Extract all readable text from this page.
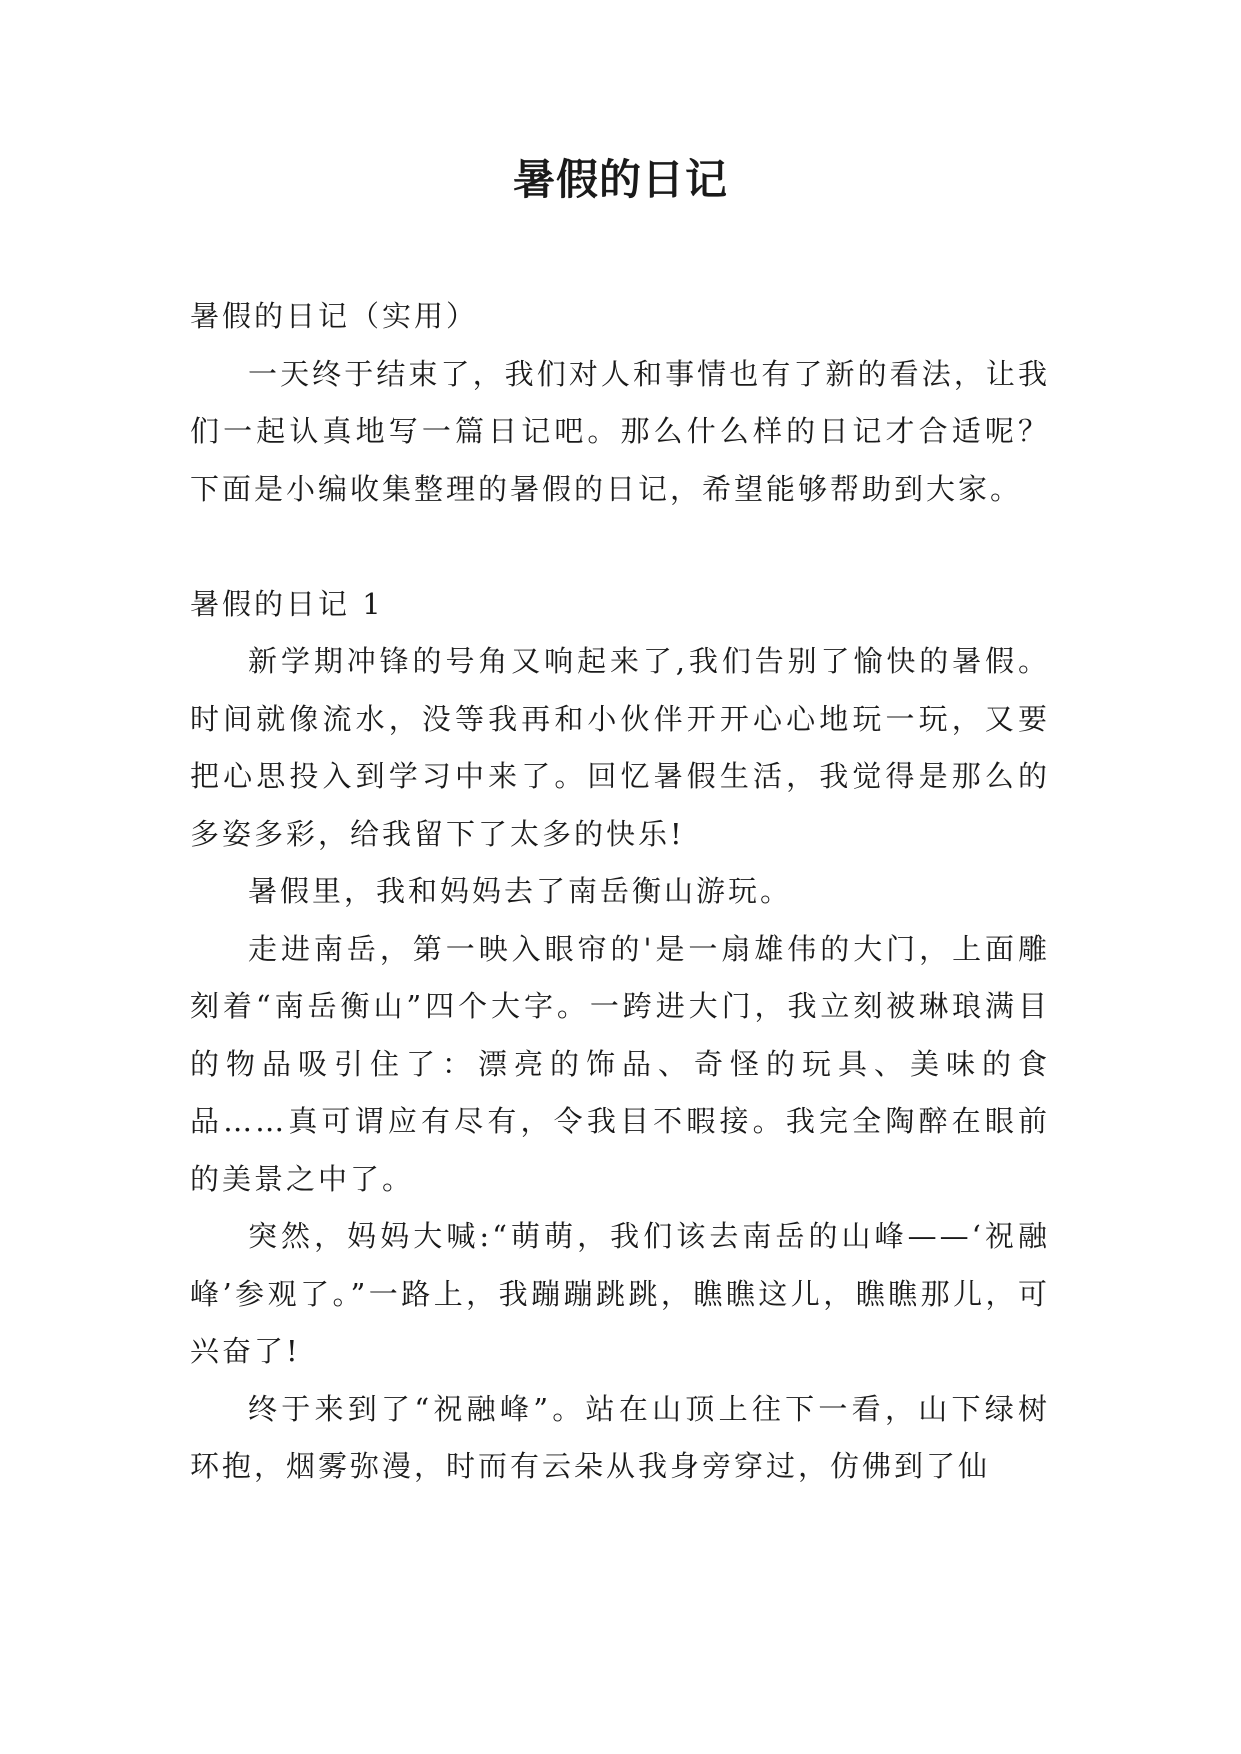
暑假的日记

暑假的日记（实用）

一天终于结束了，我们对人和事情也有了新的看法，让我们一起认真地写一篇日记吧。那么什么样的日记才合适呢？下面是小编收集整理的暑假的日记，希望能够帮助到大家。

暑假的日记 1

新学期冲锋的号角又响起来了,我们告别了愉快的暑假。时间就像流水，没等我再和小伙伴开开心心地玩一玩，又要把心思投入到学习中来了。回忆暑假生活，我觉得是那么的多姿多彩，给我留下了太多的快乐!

暑假里，我和妈妈去了南岳衡山游玩。

走进南岳，第一映入眼帘的'是一扇雄伟的大门，上面雕刻着“南岳衡山”四个大字。一跨进大门，我立刻被琳琅满目的物品吸引住了：漂亮的饰品、奇怪的玩具、美味的食品……真可谓应有尽有，令我目不暇接。我完全陶醉在眼前的美景之中了。

突然，妈妈大喊:“萌萌，我们该去南岳的山峰——‘祝融峰’参观了。”一路上，我蹦蹦跳跳，瞧瞧这儿，瞧瞧那儿，可兴奋了!

终于来到了“祝融峰”。站在山顶上往下一看，山下绿树环抱，烟雾弥漫，时而有云朵从我身旁穿过，仿佛到了仙
